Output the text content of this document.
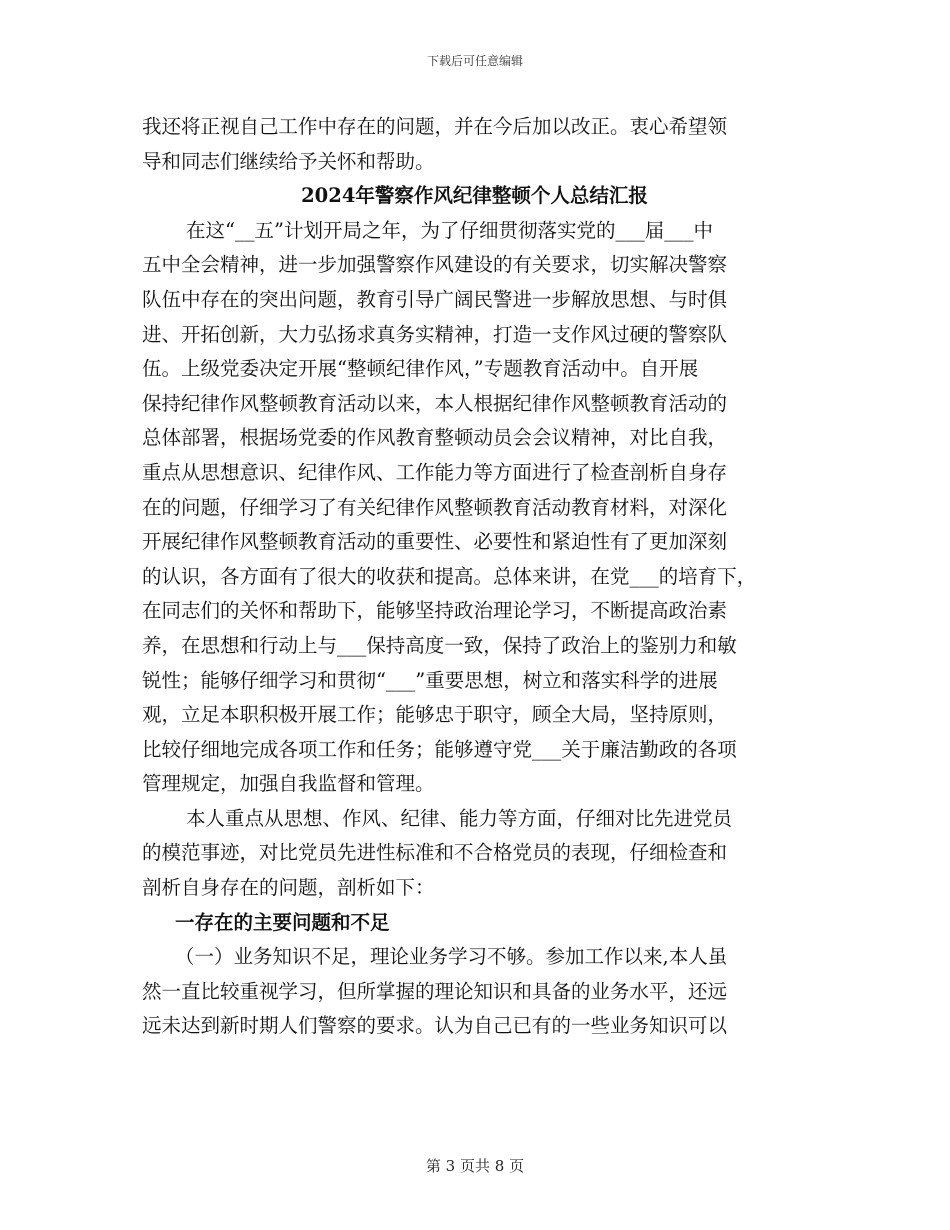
下载后可任意编辑
我还将正视自己工作中存在的问题，并在今后加以改正。衷心希望领
导和同志们继续给予关怀和帮助。
2024年警察作风纪律整顿个人总结汇报
在这“__五”计划开局之年，为了仔细贯彻落实党的___届___中
五中全会精神，进一步加强警察作风建设的有关要求，切实解决警察
队伍中存在的突出问题，教育引导广阔民警进一步解放思想、与时俱
进、开拓创新，大力弘扬求真务实精神，打造一支作风过硬的警察队
伍。上级党委决定开展“整顿纪律作风，”专题教育活动中。自开展
保持纪律作风整顿教育活动以来，本人根据纪律作风整顿教育活动的
总体部署，根据场党委的作风教育整顿动员会会议精神，对比自我，
重点从思想意识、纪律作风、工作能力等方面进行了检查剖析自身存
在的问题，仔细学习了有关纪律作风整顿教育活动教育材料，对深化
开展纪律作风整顿教育活动的重要性、必要性和紧迫性有了更加深刻
的认识，各方面有了很大的收获和提高。总体来讲，在党___的培育下，
在同志们的关怀和帮助下，能够坚持政治理论学习，不断提高政治素
养，在思想和行动上与___保持高度一致，保持了政治上的鉴别力和敏
锐性；能够仔细学习和贯彻“___”重要思想，树立和落实科学的进展
观，立足本职积极开展工作；能够忠于职守，顾全大局，坚持原则，
比较仔细地完成各项工作和任务；能够遵守党___关于廉洁勤政的各项
管理规定，加强自我监督和管理。
本人重点从思想、作风、纪律、能力等方面，仔细对比先进党员
的模范事迹，对比党员先进性标准和不合格党员的表现，仔细检查和
剖析自身存在的问题，剖析如下：
一存在的主要问题和不足
（一）业务知识不足，理论业务学习不够。参加工作以来,本人虽
然一直比较重视学习，但所掌握的理论知识和具备的业务水平，还远
远未达到新时期人们警察的要求。认为自己已有的一些业务知识可以
第 3 页共 8 页
